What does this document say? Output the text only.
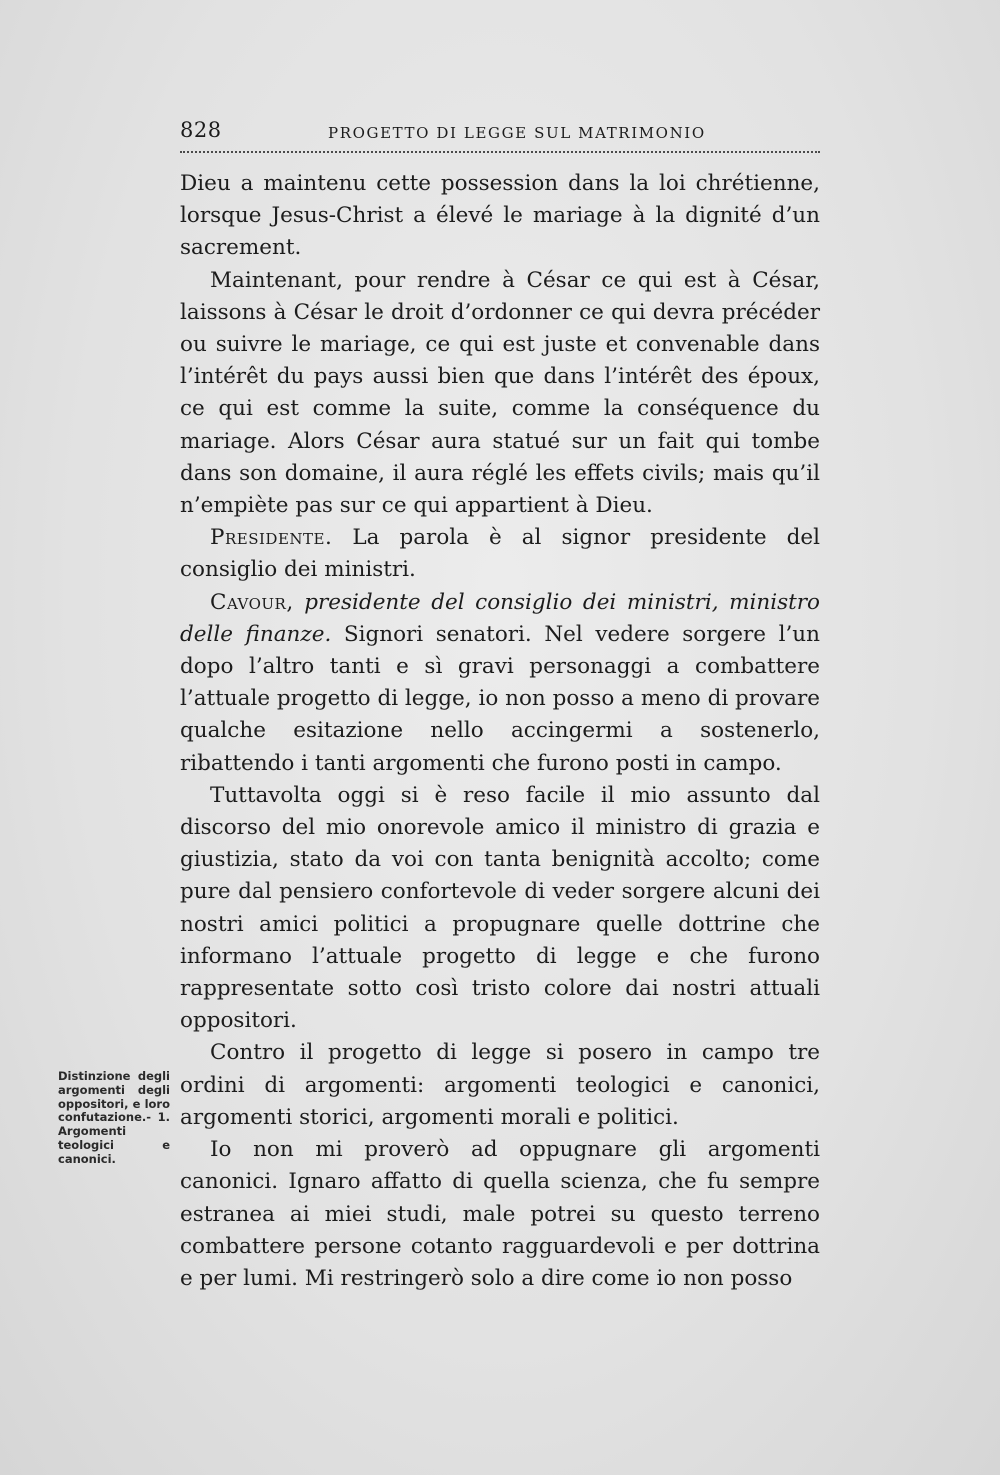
828	PROGETTO DI LEGGE SUL MATRIMONIO

Dieu a maintenu cette possession dans la loi chrétienne, lorsque Jesus-Christ a élevé le mariage à la dignité d’un sacrement.

Maintenant, pour rendre à César ce qui est à César, laissons à César le droit d’ordonner ce qui devra précéder ou suivre le mariage, ce qui est juste et convenable dans l’intérêt du pays aussi bien que dans l’intérêt des époux, ce qui est comme la suite, comme la conséquence du mariage. Alors César aura statué sur un fait qui tombe dans son domaine, il aura réglé les effets civils; mais qu’il n’empiète pas sur ce qui appartient à Dieu.

Presidente. La parola è al signor presidente del consiglio dei ministri.

Cavour, presidente del consiglio dei ministri, ministro delle finanze. Signori senatori. Nel vedere sorgere l’un dopo l’altro tanti e sì gravi personaggi a combattere l’attuale progetto di legge, io non posso a meno di provare qualche esitazione nello accingermi a sostenerlo, ribattendo i tanti argomenti che furono posti in campo.

Tuttavolta oggi si è reso facile il mio assunto dal discorso del mio onorevole amico il ministro di grazia e giustizia, stato da voi con tanta benignità accolto; come pure dal pensiero confortevole di veder sorgere alcuni dei nostri amici politici a propugnare quelle dottrine che informano l’attuale progetto di legge e che furono rappresentate sotto così tristo colore dai nostri attuali oppositori.

Contro il progetto di legge si posero in campo tre ordini di argomenti: argomenti teologici e canonici, argomenti storici, argomenti morali e politici.

Io non mi proverò ad oppugnare gli argomenti canonici. Ignaro affatto di quella scienza, che fu sempre estranea ai miei studi, male potrei su questo terreno combattere persone cotanto ragguardevoli e per dottrina e per lumi. Mi restringerò solo a dire come io non posso

Distinzione degli argomenti degli oppositori, e loro confutazione.- 1. Argomenti teologici e canonici.
